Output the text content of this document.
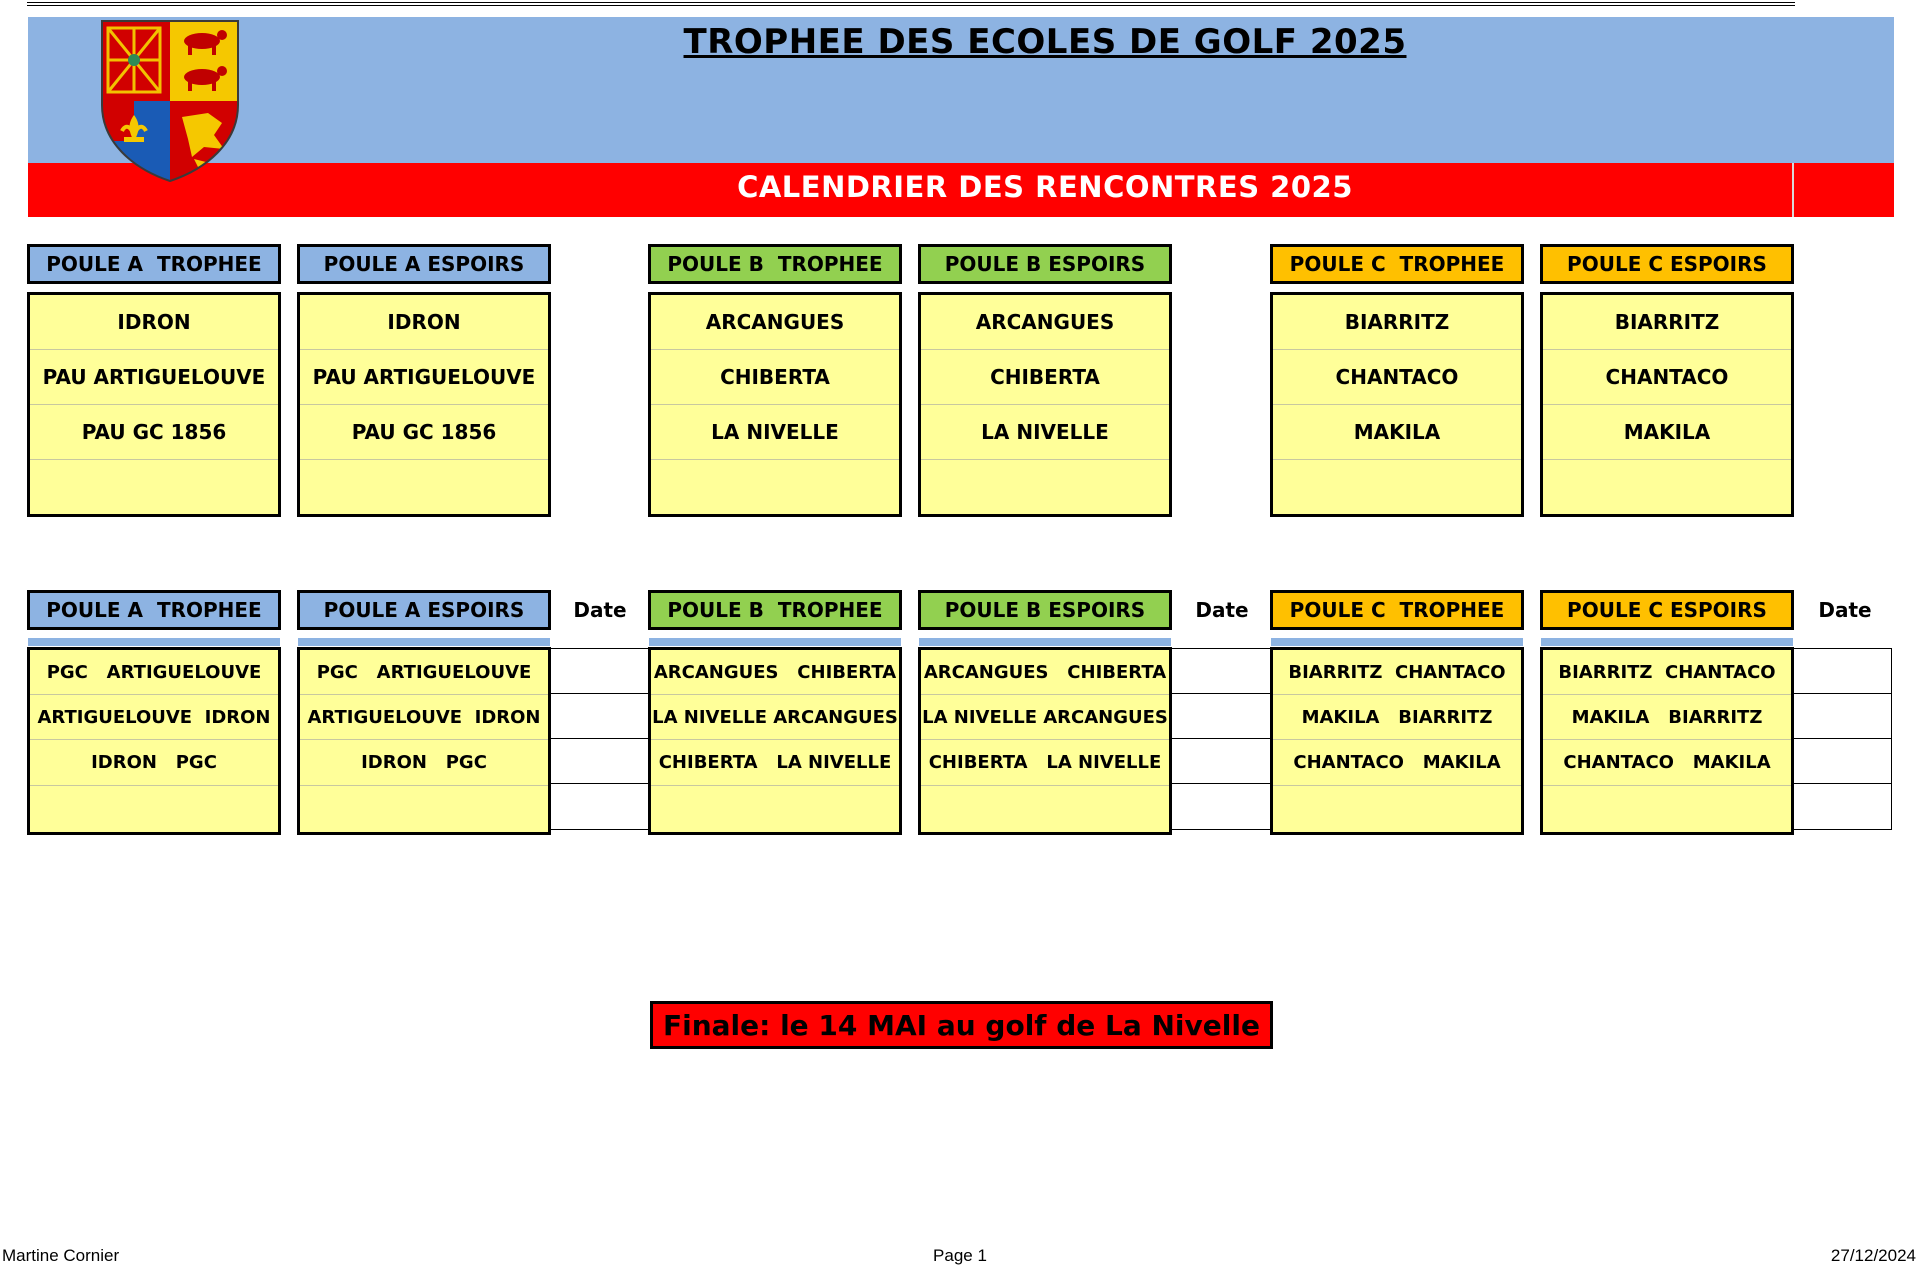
TROPHEE DES ECOLES DE GOLF 2025
CALENDRIER DES RENCONTRES 2025
POULE A  TROPHEE
IDRON
PAU ARTIGUELOUVE
PAU GC 1856
POULE A ESPOIRS
IDRON
PAU ARTIGUELOUVE
PAU GC 1856
POULE B  TROPHEE
ARCANGUES
CHIBERTA
LA NIVELLE
POULE B ESPOIRS
ARCANGUES
CHIBERTA
LA NIVELLE
POULE C  TROPHEE
BIARRITZ
CHANTACO
MAKILA
POULE C ESPOIRS
BIARRITZ
CHANTACO
MAKILA
POULE A  TROPHEE	POULE A ESPOIRS	POULE B  TROPHEE	POULE B ESPOIRS	POULE C  TROPHEE	POULE C ESPOIRS
Date	Date	Date
PGC   ARTIGUELOUVE
ARTIGUELOUVE  IDRON
IDRON   PGC
PGC   ARTIGUELOUVE
ARTIGUELOUVE  IDRON
IDRON   PGC
ARCANGUES   CHIBERTA
LA NIVELLE ARCANGUES
CHIBERTA   LA NIVELLE
ARCANGUES   CHIBERTA
LA NIVELLE ARCANGUES
CHIBERTA   LA NIVELLE
BIARRITZ  CHANTACO
MAKILA   BIARRITZ
CHANTACO   MAKILA
BIARRITZ  CHANTACO
MAKILA   BIARRITZ
CHANTACO   MAKILA
Finale: le 14 MAI au golf de La Nivelle
Martine Cornier	Page 1	27/12/2024
